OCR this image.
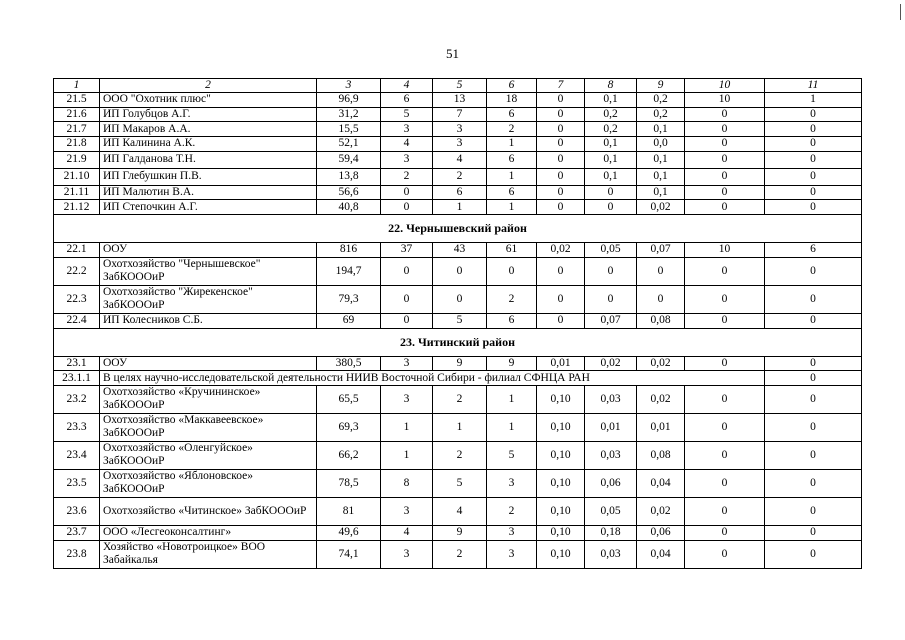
51
1	2	3	4	5	6	7	8	9	10	11
21.5	ООО "Охотник плюс"	96,9	6	13	18	0	0,1	0,2	10	1
21.6	ИП Голубцов А.Г.	31,2	5	7	6	0	0,2	0,2	0	0
21.7	ИП Макаров А.А.	15,5	3	3	2	0	0,2	0,1	0	0
21.8	ИП Калинина А.К.	52,1	4	3	1	0	0,1	0,0	0	0
21.9	ИП Галданова Т.Н.	59,4	3	4	6	0	0,1	0,1	0	0
21.10	ИП Глебушкин П.В.	13,8	2	2	1	0	0,1	0,1	0	0
21.11	ИП Малютин В.А.	56,6	0	6	6	0	0	0,1	0	0
21.12	ИП Степочкин А.Г.	40,8	0	1	1	0	0	0,02	0	0
22. Чернышевский район										
22.1	ООУ	816	37	43	61	0,02	0,05	0,07	10	6
22.2	Охотхозяйство "Чернышевское" ЗабКОООиР	194,7	0	0	0	0	0	0	0	0
22.3	Охотхозяйство "Жирекенское" ЗабКОООиР	79,3	0	0	2	0	0	0	0	0
22.4	ИП Колесников С.Б.	69	0	5	6	0	0,07	0,08	0	0
23. Читинский район										
23.1	ООУ	380,5	3	9	9	0,01	0,02	0,02	0	0
23.1.1	В целях научно-исследовательской деятельности НИИВ Восточной Сибири - филиал СФНЦА РАН									0
23.2	Охотхозяйство «Кручининское» ЗабКОООиР	65,5	3	2	1	0,10	0,03	0,02	0	0
23.3	Охотхозяйство «Маккавеевское» ЗабКОООиР	69,3	1	1	1	0,10	0,01	0,01	0	0
23.4	Охотхозяйство «Оленгуйское» ЗабКОООиР	66,2	1	2	5	0,10	0,03	0,08	0	0
23.5	Охотхозяйство «Яблоновское» ЗабКОООиР	78,5	8	5	3	0,10	0,06	0,04	0	0
23.6	Охотхозяйство «Читинское» ЗабКОООиР	81	3	4	2	0,10	0,05	0,02	0	0
23.7	ООО «Лесгеоконсалтинг»	49,6	4	9	3	0,10	0,18	0,06	0	0
23.8	Хозяйство «Новотроицкое» ВОО Забайкалья	74,1	3	2	3	0,10	0,03	0,04	0	0
